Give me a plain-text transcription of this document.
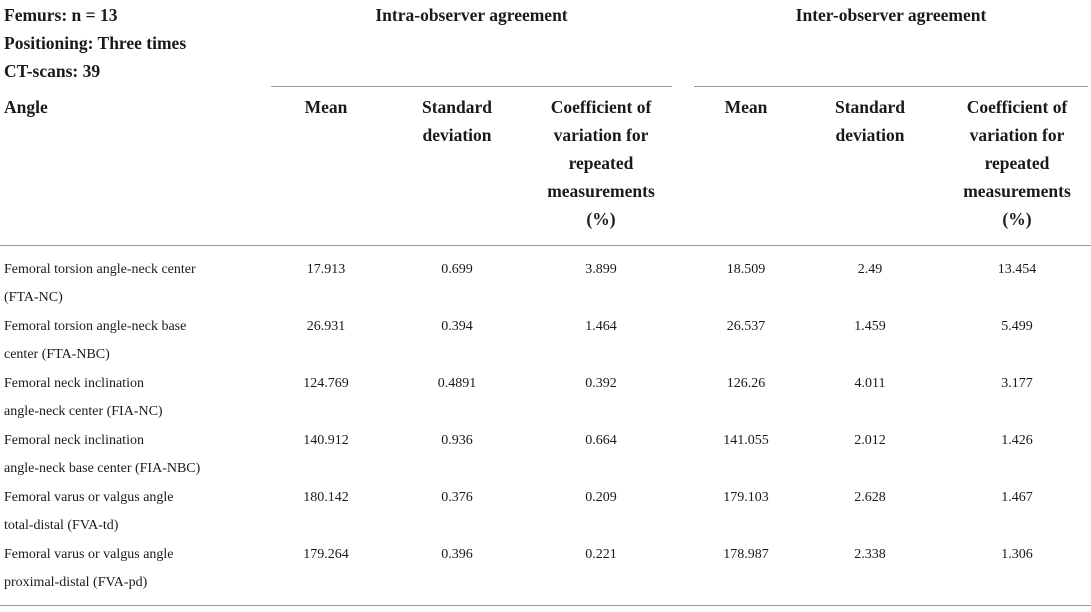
Femurs: n = 13
Positioning: Three times
CT-scans: 39
Intra-observer agreement	Inter-observer agreement
Angle	Mean	Standard
deviation
Coefficient of
variation for
repeated
measurements
(%)
Mean	Standard
deviation
Coefficient of
variation for
repeated
measurements
(%)
Femoral torsion angle-neck center
(FTA-NC)
17.913	0.699	3.899	18.509	2.49	13.454
Femoral torsion angle-neck base
center (FTA-NBC)
26.931	0.394	1.464	26.537	1.459	5.499
Femoral neck inclination
angle-neck center (FIA-NC)
124.769	0.4891	0.392	126.26	4.011	3.177
Femoral neck inclination
angle-neck base center (FIA-NBC)
140.912	0.936	0.664	141.055	2.012	1.426
Femoral varus or valgus angle
total-distal (FVA-td)
180.142	0.376	0.209	179.103	2.628	1.467
Femoral varus or valgus angle
proximal-distal (FVA-pd)
179.264	0.396	0.221	178.987	2.338	1.306
